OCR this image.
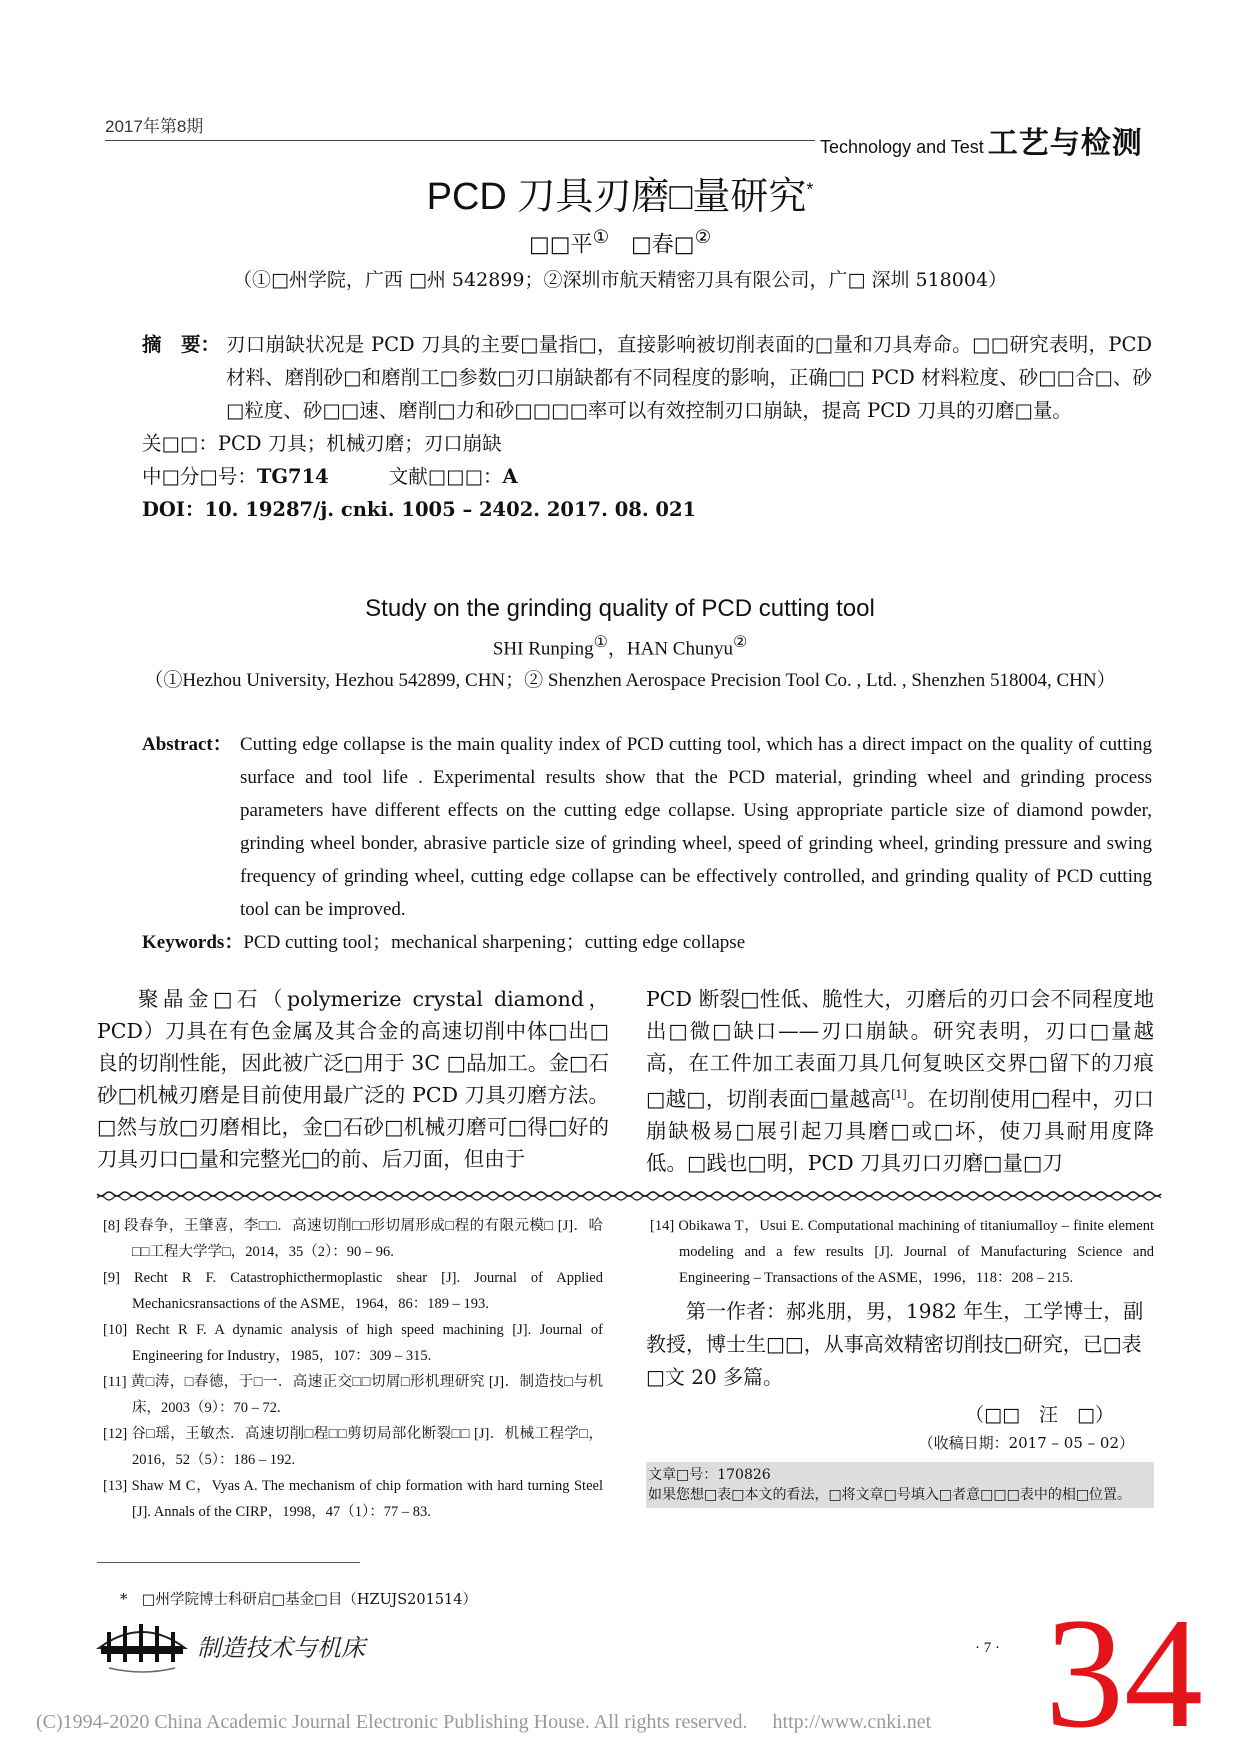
2017年第8期
Technology and Test 工艺与检测
PCD 刀具刃磨□量研究*
□□平①  □春□②
（①□州学院，广西 □州 542899；②深圳市航天精密刀具有限公司，广□ 深圳 518004）
摘　要： 刃口崩缺状况是 PCD 刀具的主要□量指□，直接影响被切削表面的□量和刀具寿命。□□研究表明，PCD 材料、磨削砂□和磨削工□参数□刃口崩缺都有不同程度的影响，正确□□ PCD 材料粒度、砂□□合□、砂□粒度、砂□□速、磨削□力和砂□□□□率可以有效控制刃口崩缺，提高 PCD 刀具的刃磨□量。
关□□：PCD 刀具；机械刃磨；刃口崩缺
中□分□号：TG714	文献□□□：A
DOI：10. 19287/j. cnki. 1005 – 2402. 2017. 08. 021
Study on the grinding quality of PCD cutting tool
SHI Runping①，HAN Chunyu②
（①Hezhou University, Hezhou 542899, CHN；② Shenzhen Aerospace Precision Tool Co. , Ltd. , Shenzhen 518004, CHN）
Abstract： Cutting edge collapse is the main quality index of PCD cutting tool, which has a direct impact on the quality of cutting surface and tool life . Experimental results show that the PCD material, grinding wheel and grinding process parameters have different effects on the cutting edge collapse. Using appropriate particle size of diamond powder, grinding wheel bonder, abrasive particle size of grinding wheel, speed of grinding wheel, grinding pressure and swing frequency of grinding wheel, cutting edge collapse can be effectively controlled, and grinding quality of PCD cutting tool can be improved.
Keywords：PCD cutting tool；mechanical sharpening；cutting edge collapse
聚晶金□石（polymerize crystal diamond，PCD）刀具在有色金属及其合金的高速切削中体□出□良的切削性能，因此被广泛□用于 3C □品加工。金□石砂□机械刃磨是目前使用最广泛的 PCD 刀具刃磨方法。□然与放□刃磨相比，金□石砂□机械刃磨可□得□好的刀具刃口□量和完整光□的前、后刀面，但由于
PCD 断裂□性低、脆性大，刃磨后的刃口会不同程度地出□微□缺口——刃口崩缺。研究表明，刃口□量越高，在工件加工表面刀具几何复映区交界□留下的刀痕□越□，切削表面□量越高[1]。在切削使用□程中，刃口崩缺极易□展引起刀具磨□或□坏，使刀具耐用度降低。□践也□明，PCD 刀具刃口刃磨□量□刀
[8] 段春争，王肇喜，李□□．高速切削□□形切屑形成□程的有限元模□ [J]．哈□□工程大学学□，2014，35（2）：90 – 96.
[9] Recht R F. Catastrophicthermoplastic shear [J]. Journal of Applied Mechanicsransactions of the ASME，1964，86：189 – 193.
[10] Recht R F. A dynamic analysis of high speed machining [J]. Journal of Engineering for Industry，1985，107：309 – 315.
[11] 黄□涛，□春德，于□一．高速正交□□切屑□形机理研究 [J]．制造技□与机床，2003（9）：70 – 72.
[12] 谷□瑶，王敏杰．高速切削□程□□剪切局部化断裂□□ [J]．机械工程学□，2016，52（5）：186 – 192.
[13] Shaw M C，Vyas A. The mechanism of chip formation with hard turning Steel [J]. Annals of the CIRP，1998，47（1）：77 – 83.
[14] Obikawa T，Usui E. Computational machining of titaniumalloy – finite element modeling and a few results [J]. Journal of Manufacturing Science and Engineering – Transactions of the ASME，1996，118：208 – 215.
第一作者：郝兆朋，男，1982 年生，工学博士，副教授，博士生□□，从事高效精密切削技□研究，已□表□文 20 多篇。
（□□　汪　□）
（收稿日期：2017 – 05 – 02）
文章□号：170826
如果您想□表□本文的看法，□将文章□号填入□者意□□□表中的相□位置。
*　□州学院博士科研启□基金□目（HZUJS201514）
制造技术与机床
(C)1994-2020 China Academic Journal Electronic Publishing House. All rights reserved.　 http://www.cnki.net 34
· 7 ·
